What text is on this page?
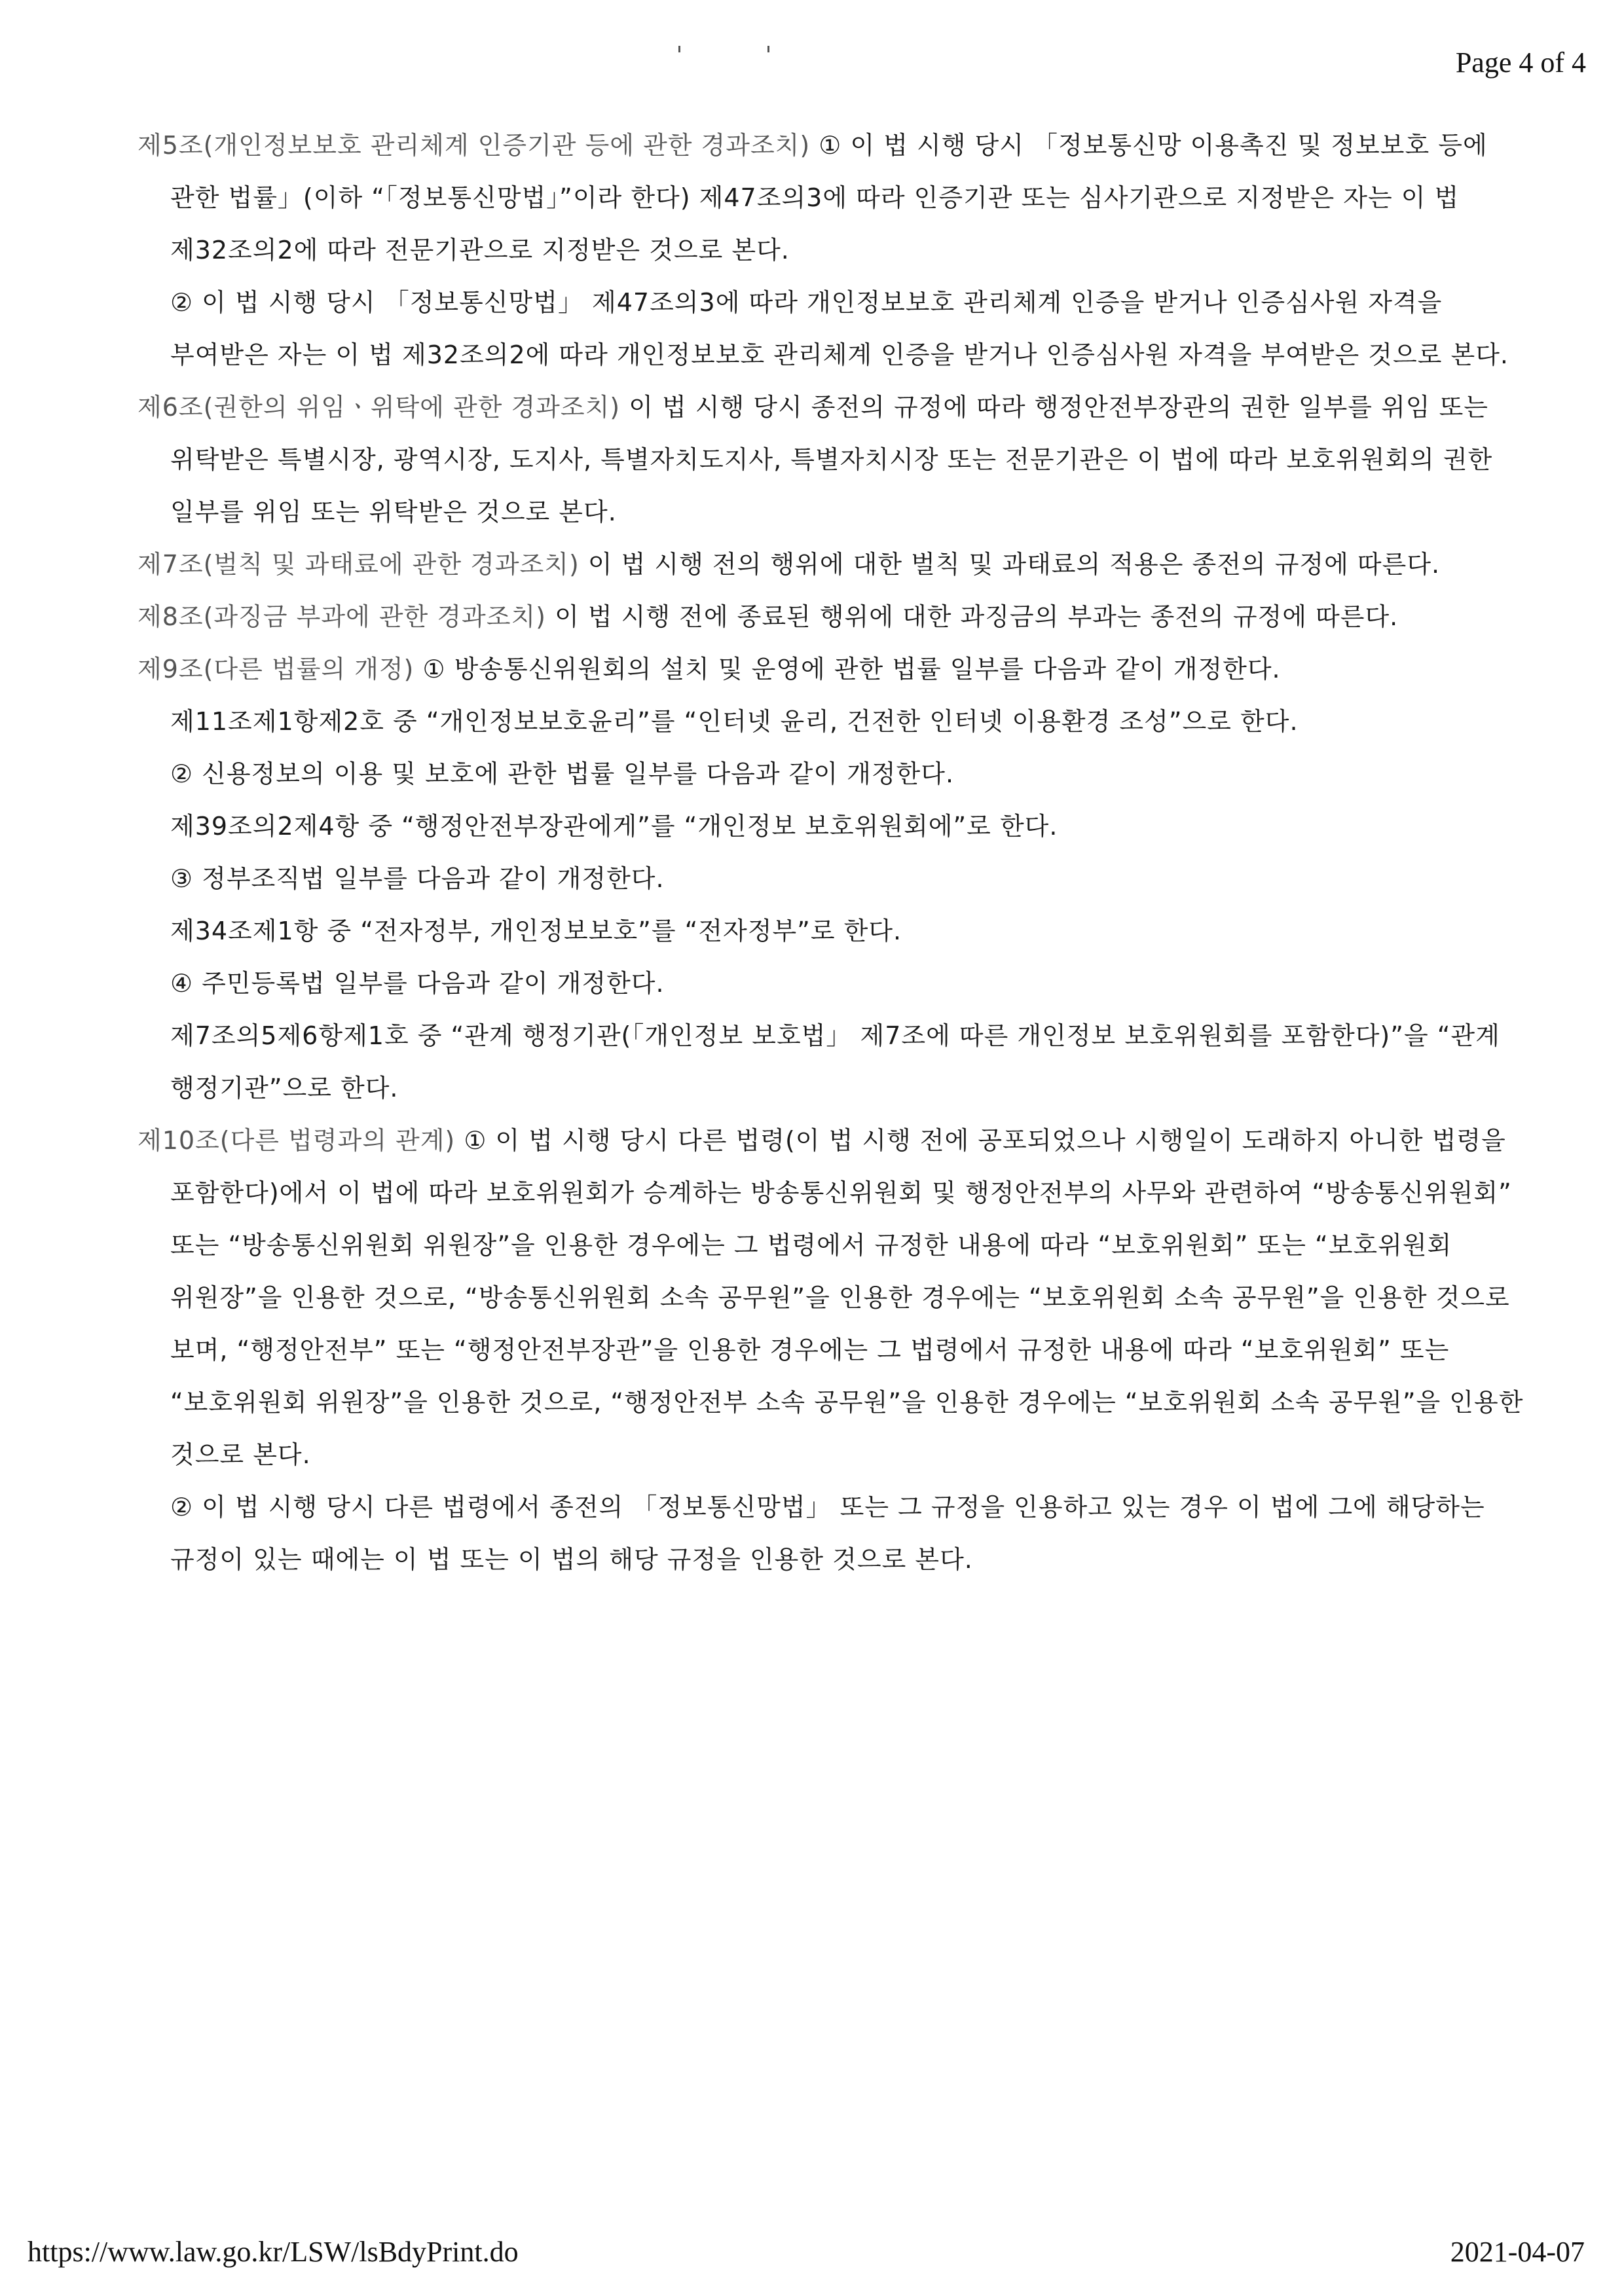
Page 4 of 4

제5조(개인정보보호 관리체계 인증기관 등에 관한 경과조치) ① 이 법 시행 당시 「정보통신망 이용촉진 및 정보보호 등에 관한 법률」(이하 “「정보통신망법」”이라 한다) 제47조의3에 따라 인증기관 또는 심사기관으로 지정받은 자는 이 법 제32조의2에 따라 전문기관으로 지정받은 것으로 본다.

② 이 법 시행 당시 「정보통신망법」 제47조의3에 따라 개인정보보호 관리체계 인증을 받거나 인증심사원 자격을 부여받은 자는 이 법 제32조의2에 따라 개인정보보호 관리체계 인증을 받거나 인증심사원 자격을 부여받은 것으로 본다.

제6조(권한의 위임ㆍ위탁에 관한 경과조치) 이 법 시행 당시 종전의 규정에 따라 행정안전부장관의 권한 일부를 위임 또는 위탁받은 특별시장, 광역시장, 도지사, 특별자치도지사, 특별자치시장 또는 전문기관은 이 법에 따라 보호위원회의 권한 일부를 위임 또는 위탁받은 것으로 본다.

제7조(벌칙 및 과태료에 관한 경과조치) 이 법 시행 전의 행위에 대한 벌칙 및 과태료의 적용은 종전의 규정에 따른다.

제8조(과징금 부과에 관한 경과조치) 이 법 시행 전에 종료된 행위에 대한 과징금의 부과는 종전의 규정에 따른다.

제9조(다른 법률의 개정) ① 방송통신위원회의 설치 및 운영에 관한 법률 일부를 다음과 같이 개정한다.

제11조제1항제2호 중 “개인정보보호윤리”를 “인터넷 윤리, 건전한 인터넷 이용환경 조성”으로 한다.

② 신용정보의 이용 및 보호에 관한 법률 일부를 다음과 같이 개정한다.

제39조의2제4항 중 “행정안전부장관에게”를 “개인정보 보호위원회에”로 한다.

③ 정부조직법 일부를 다음과 같이 개정한다.

제34조제1항 중 “전자정부, 개인정보보호”를 “전자정부”로 한다.

④ 주민등록법 일부를 다음과 같이 개정한다.

제7조의5제6항제1호 중 “관계 행정기관(「개인정보 보호법」 제7조에 따른 개인정보 보호위원회를 포함한다)”을 “관계 행정기관”으로 한다.

제10조(다른 법령과의 관계) ① 이 법 시행 당시 다른 법령(이 법 시행 전에 공포되었으나 시행일이 도래하지 아니한 법령을 포함한다)에서 이 법에 따라 보호위원회가 승계하는 방송통신위원회 및 행정안전부의 사무와 관련하여 “방송통신위원회” 또는 “방송통신위원회 위원장”을 인용한 경우에는 그 법령에서 규정한 내용에 따라 “보호위원회” 또는 “보호위원회 위원장”을 인용한 것으로, “방송통신위원회 소속 공무원”을 인용한 경우에는 “보호위원회 소속 공무원”을 인용한 것으로 보며, “행정안전부” 또는 “행정안전부장관”을 인용한 경우에는 그 법령에서 규정한 내용에 따라 “보호위원회” 또는 “보호위원회 위원장”을 인용한 것으로, “행정안전부 소속 공무원”을 인용한 경우에는 “보호위원회 소속 공무원”을 인용한 것으로 본다.

② 이 법 시행 당시 다른 법령에서 종전의 「정보통신망법」 또는 그 규정을 인용하고 있는 경우 이 법에 그에 해당하는 규정이 있는 때에는 이 법 또는 이 법의 해당 규정을 인용한 것으로 본다.

https://www.law.go.kr/LSW/lsBdyPrint.do	2021-04-07
